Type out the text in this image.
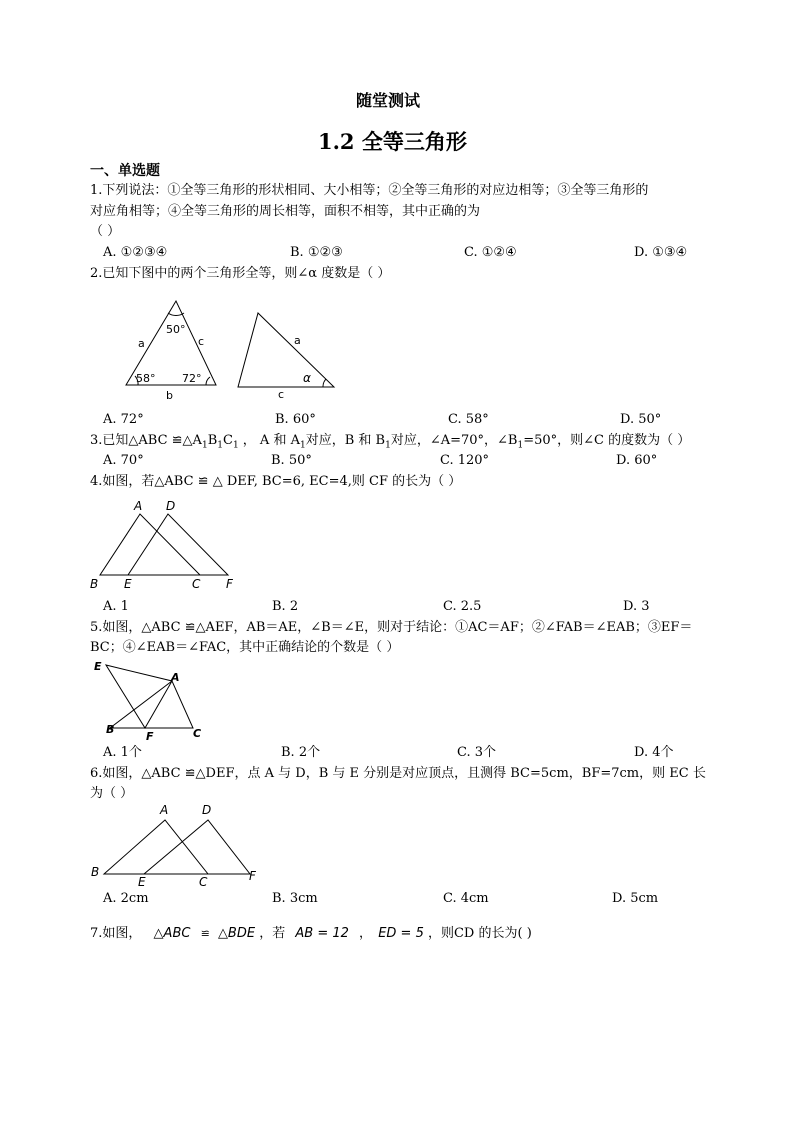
随堂测试
1.2 全等三角形
一、单选题
1.下列说法：①全等三角形的形状相同、大小相等；②全等三角形的对应边相等；③全等三角形的
对应角相等；④全等三角形的周长相等，面积不相等，其中正确的为
（ ）
A. ①②③④	B. ①②③	C. ①②④	D. ①③④
2.已知下图中的两个三角形全等，则∠α 度数是（ ）
50°
58° 72°
a	c
b
a
c
α
A. 72°	B. 60°	C. 58°	D. 50°
3.已知△ABC $≌\triangle A_1B_1C_1$ ， A 和 $A_1$对应，B 和 $B_1$对应，∠A=70°，$\angle B_1=50^\circ$，则∠C 的度数为（ ）
A. 70°	B. 50°	C. 120°	D. 60°
4.如图，若△ABC ≌ △ DEF, BC=6, EC=4,则 CF 的长为（ ）
A D
B E	C F
A. 1	B. 2	C. 2.5	D. 3
5.如图，△ABC ≌△AEF，AB＝AE，∠B＝∠E，则对于结论：①AC＝AF；②∠FAB＝∠EAB；③EF＝
BC；④∠EAB＝∠FAC，其中正确结论的个数是（ ）
E
A
B
F	C
A. 1个	B. 2个	C. 3个	D. 4个
6.如图，△ABC ≌△DEF，点 A 与 D，B 与 E 分别是对应顶点，且测得 BC=5cm，BF=7cm，则 EC 长
为（ ）
A	D
B
E	C	F
A. 2cm	B. 3cm	C. 4cm	D. 5cm
7.如图， △ABC ≌ △BDE ，若 AB = 12 ， ED = 5 ，则CD 的长为( )
